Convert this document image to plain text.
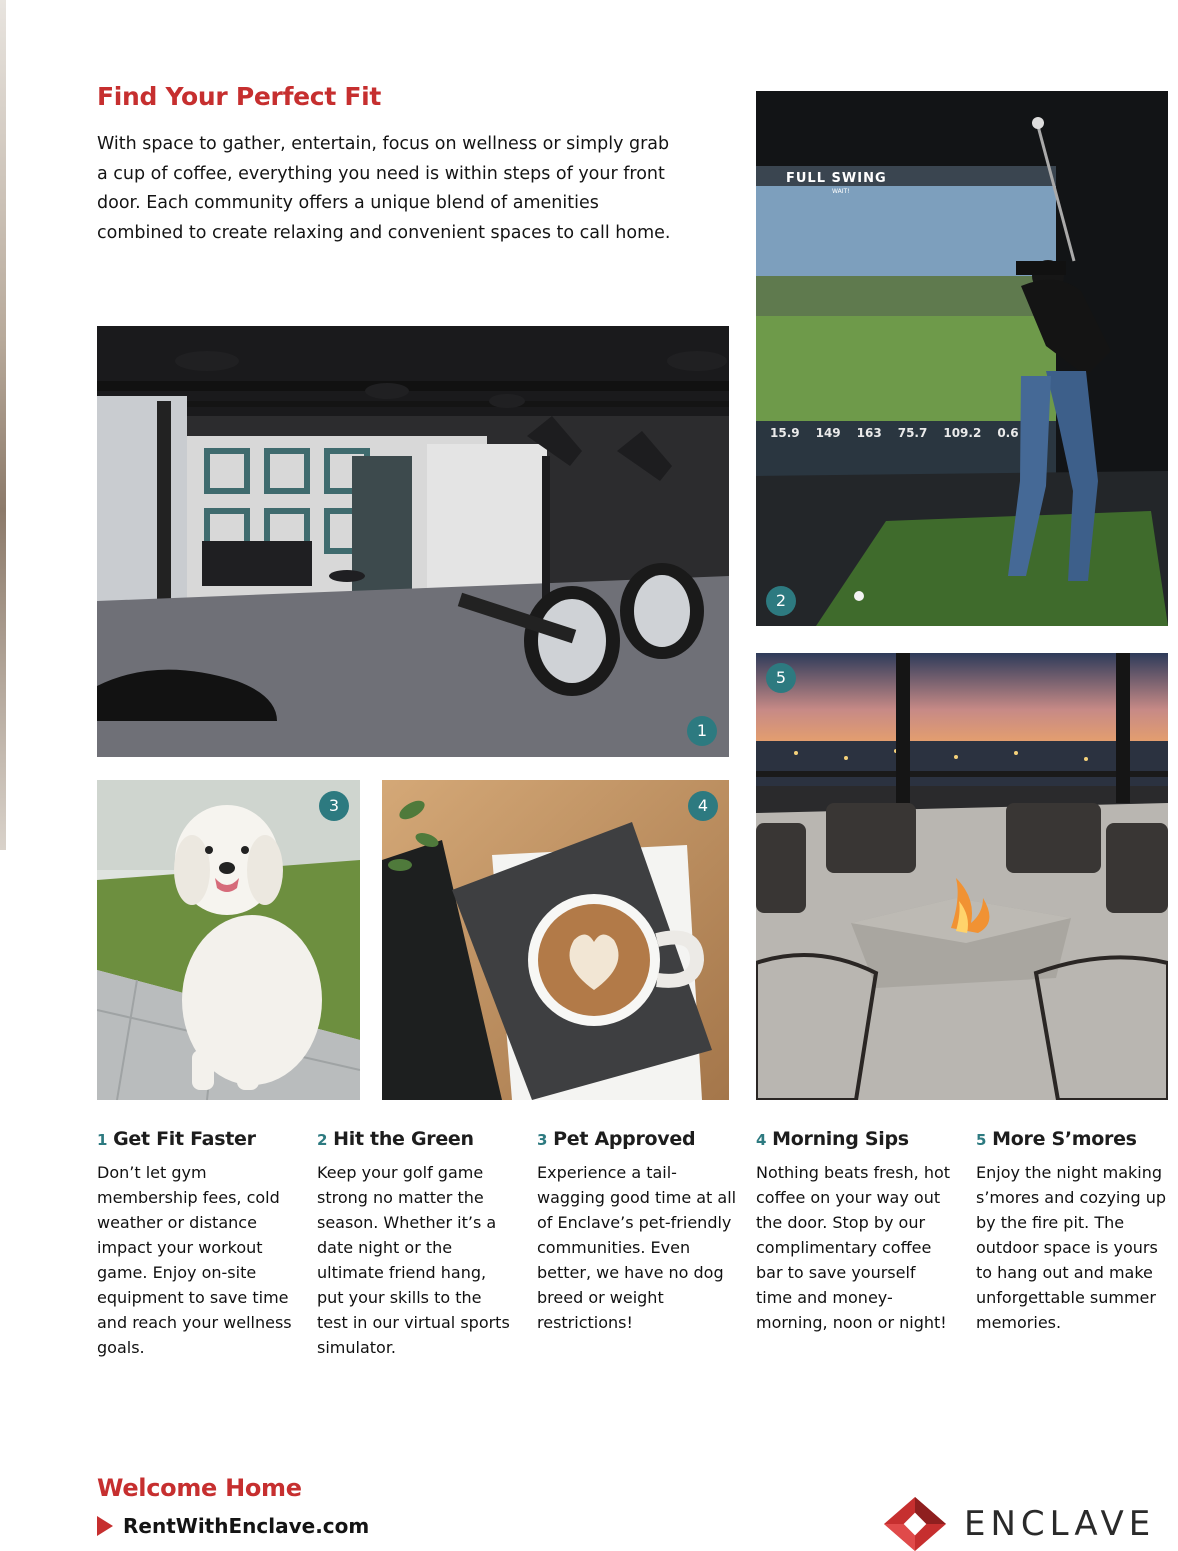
Find Your Perfect Fit

With space to gather, entertain, focus on wellness or simply grab a cup of coffee, everything you need is within steps of your front door. Each community offers a unique blend of amenities combined to create relaxing and convenient spaces to call home.

1
FULL SWING
WAIT!
15.9 149 163 75.7 109.2 0.6
2
3	4
5
1 Get Fit Faster

Don’t let gym membership fees, cold weather or distance impact your workout game. Enjoy on-site equipment to save time and reach your wellness goals.

2 Hit the Green

Keep your golf game strong no matter the season. Whether it’s a date night or the ultimate friend hang, put your skills to the test in our virtual sports simulator.

3 Pet Approved

Experience a tail-wagging good time at all of Enclave’s pet-friendly communities. Even better, we have no dog breed or weight restrictions!

4 Morning Sips

Nothing beats fresh, hot coffee on your way out the door. Stop by our complimentary coffee bar to save yourself time and money- morning, noon or night!

5 More S’mores

Enjoy the night making s’mores and cozying up by the fire pit. The outdoor space is yours to hang out and make unforgettable summer memories.

Welcome Home
RentWithEnclave.com	ENCLAVE
